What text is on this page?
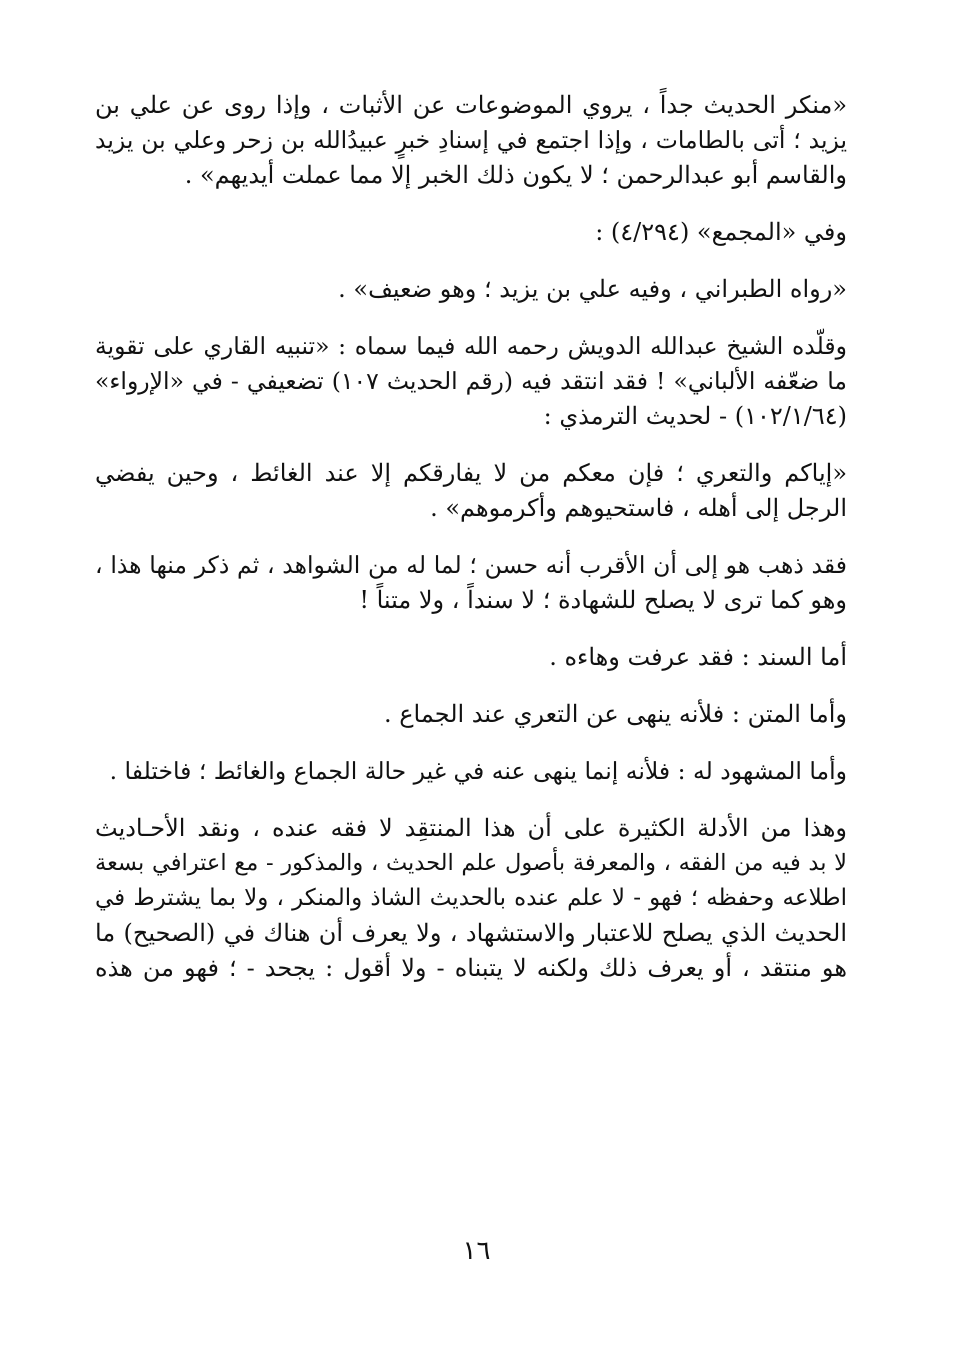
«منكر الحديث جداً ، يروي الموضوعات عن الأثبات ، وإذا روى عن علي بن
يزيد ؛ أتى بالطامات ، وإذا اجتمع في إسنادِ خبرٍ عبيدُالله بن زحر وعلي بن يزيد
والقاسم أبو عبدالرحمن ؛ لا يكون ذلك الخبر إلا مما عملت أيديهم» .
وفي «المجمع» (٤/٢٩٤) :
«رواه الطبراني ، وفيه علي بن يزيد ؛ وهو ضعيف» .
وقلّده الشيخ عبدالله الدويش رحمه الله فيما سماه : «تنبيه القاري على تقوية
ما ضعّفه الألباني» ! فقد انتقد فيه (رقم الحديث ١٠٧) تضعيفي - في «الإرواء»
(١٠٢/١/٦٤) - لحديث الترمذي :
«إياكم والتعري ؛ فإن معكم من لا يفارقكم إلا عند الغائط ، وحين يفضي
الرجل إلى أهله ، فاستحيوهم وأكرموهم» .
فقد ذهب هو إلى أن الأقرب أنه حسن ؛ لما له من الشواهد ، ثم ذكر منها هذا ،
وهو كما ترى لا يصلح للشهادة ؛ لا سنداً ، ولا متناً !
أما السند : فقد عرفت وهاءه .
وأما المتن : فلأنه ينهى عن التعري عند الجماع .
وأما المشهود له : فلأنه إنما ينهى عنه في غير حالة الجماع والغائط ؛ فاختلفا .
وهذا من الأدلة الكثيرة على أن هذا المنتقِد لا فقه عنده ، ونقد الأحـاديث
لا بد فيه من الفقه ، والمعرفة بأصول علم الحديث ، والمذكور - مع اعترافي بسعة
اطلاعه وحفظه ؛ فهو - لا علم عنده بالحديث الشاذ والمنكر ، ولا بما يشترط في
الحديث الذي يصلح للاعتبار والاستشهاد ، ولا يعرف أن هناك في (الصحيح) ما
هو منتقد ، أو يعرف ذلك ولكنه لا يتبناه - ولا أقول : يجحد - ؛ فهو من هذه
١٦
